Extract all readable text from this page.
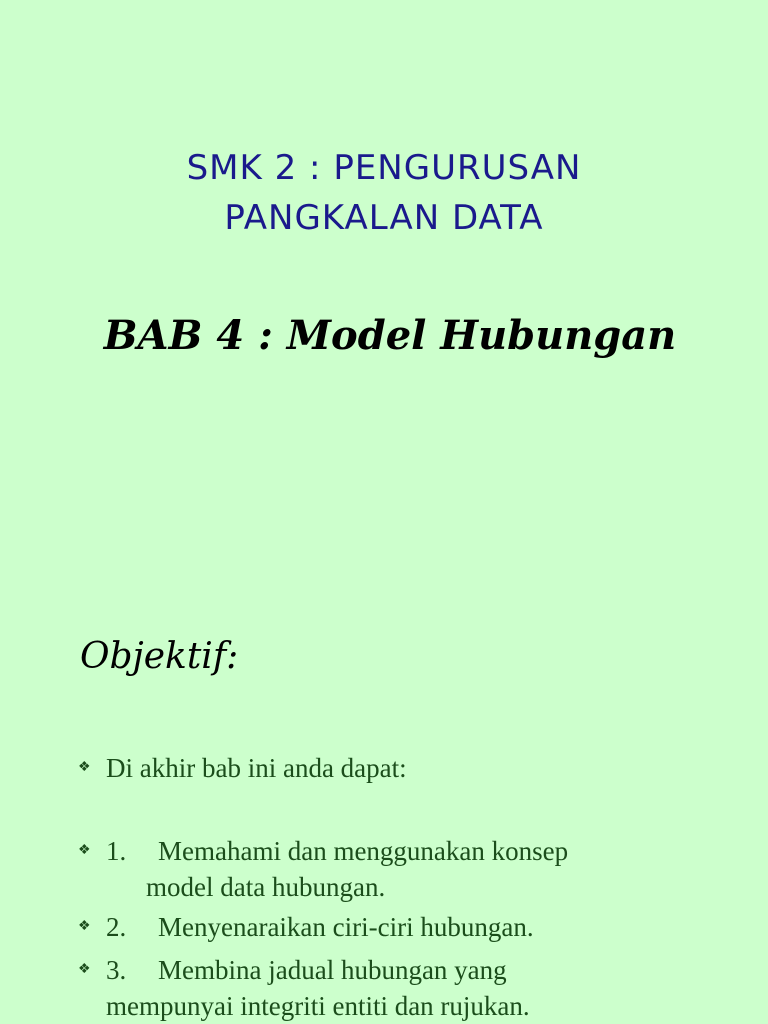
SMK 2 : PENGURUSAN
PANGKALAN DATA
BAB 4 : Model Hubungan
Objektif:
❖ Di akhir bab ini anda dapat:
❖ 1. Memahami dan menggunakan konsep
model data hubungan.
❖ 2. Menyenaraikan ciri-ciri hubungan.
❖ 3. Membina jadual hubungan yang
mempunyai integriti entiti dan rujukan.
